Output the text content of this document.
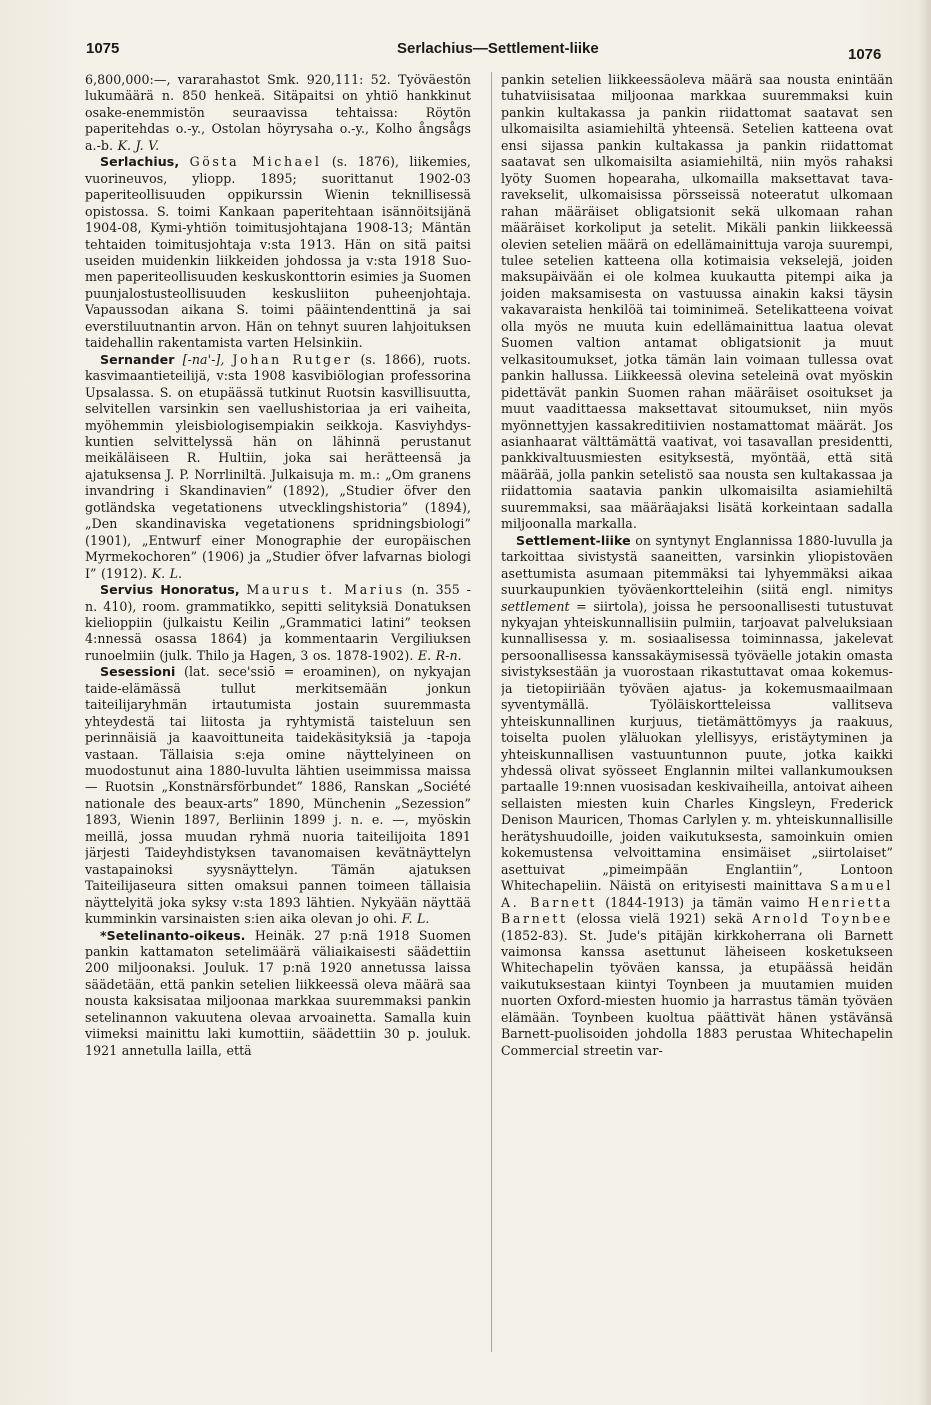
1075	Serlachius—Settlement-liike	1076

6,800,000:—, vararahastot Smk. 920,111: 52. Työväestön lukumäärä n. 850 henkeä. Sitäpaitsi on yhtiö hankkinut osake-enemmistön seuraavissa tehtaissa: Röytön paperitehdas o.-y., Ostolan höyrysaha o.-y., Kolho ångsågs a.-b. K. J. V.

Serlachius, Gösta Michael (s. 1876), liikemies, vuorineuvos, yliopp. 1895; suorittanut 1902-03 paperiteollisuuden oppikurssin Wienin teknillisessä opistossa. S. toimi Kankaan paperitehtaan isännöitsijänä 1904-08, Kymi-yhtiön toimitusjohtajana 1908-13; Mäntän tehtaiden toimitusjohtaja v:sta 1913. Hän on sitä paitsi useiden muidenkin liikkeiden johdossa ja v:sta 1918 Suomen paperiteollisuuden keskuskonttorin esimies ja Suomen puunjalostusteollisuuden keskusliiton puheenjohtaja. Vapaussodan aikana S. toimi pääintendenttinä ja sai everstiluutnantin arvon. Hän on tehnyt suuren lahjoituksen taidehallin rakentamista varten Helsinkiin.

Sernander [-na'-], Johan Rutger (s. 1866), ruots. kasvimaantieteilijä, v:sta 1908 kasvibiölogian professorina Upsalassa. S. on etupäässä tutkinut Ruotsin kasvillisuutta, selvitellen varsinkin sen vaellushistoriaa ja eri vaiheita, myöhemmin yleisbiologisempiakin seikkoja. Kasviyhdyskuntien selvittelyssä hän on lähinnä perustanut meikäläiseen R. Hultiin, joka sai herätteensä ja ajatuksensa J. P. Norrliniltä. Julkaisuja m. m.: „Om granens invandring i Skandinavien” (1892), „Studier öfver den gotländska vegetationens utvecklingshistoria” (1894), „Den skandinaviska vegetationens spridningsbiologi” (1901), „Entwurf einer Monographie der europäischen Myrmekochoren” (1906) ja „Studier öfver lafvarnas biologi I” (1912). K. L.

Servius Honoratus, Maurus t. Marius (n. 355 - n. 410), room. grammatikko, sepitti selityksiä Donatuksen kielioppiin (julkaistu Keilin „Grammatici latini” teoksen 4:nnessä osassa 1864) ja kommentaarin Vergiliuksen runoelmiin (julk. Thilo ja Hagen, 3 os. 1878-1902). E. R-n.

Sesessioni (lat. sece'ssiō = eroaminen), on nykyajan taide-elämässä tullut merkitsemään jonkun taiteilijaryhmän irtautumista jostain suuremmasta yhteydestä tai liitosta ja ryhtymistä taisteluun sen perinnäisiä ja kaavoittuneita taidekäsityksiä ja -tapoja vastaan. Tällaisia s:eja omine näyttelyineen on muodostunut aina 1880-luvulta lähtien useimmissa maissa — Ruotsin „Konstnärsförbundet” 1886, Ranskan „Société nationale des beaux-arts” 1890, Münchenin „Sezession” 1893, Wienin 1897, Berliinin 1899 j. n. e. —, myöskin meillä, jossa muudan ryhmä nuoria taiteilijoita 1891 järjesti Taideyhdistyksen tavanomaisen kevätnäyttelyn vastapainoksi syysnäyttelyn. Tämän ajatuksen Taiteilijaseura sitten omaksui pannen toimeen tällaisia näyttelyitä joka syksy v:sta 1893 lähtien. Nykyään näyttää kumminkin varsinaisten s:ien aika olevan jo ohi. F. L.

*Setelinanto-oikeus. Heinäk. 27 p:nä 1918 Suomen pankin kattamaton setelimäärä väliaikaisesti säädettiin 200 miljoonaksi. Jouluk. 17 p:nä 1920 annetussa laissa säädetään, että pankin setelien liikkeessä oleva määrä saa nousta kaksisataa miljoonaa markkaa suuremmaksi pankin setelinannon vakuutena olevaa arvoainetta. Samalla kuin viimeksi mainittu laki kumottiin, säädettiin 30 p. jouluk. 1921 annetulla lailla, että

pankin setelien liikkeessäoleva määrä saa nousta enintään tuhatviisisataa miljoonaa markkaa suuremmaksi kuin pankin kultakassa ja pankin riidattomat saatavat sen ulkomaisilta asiamiehiltä yhteensä. Setelien katteena ovat ensi sijassa pankin kultakassa ja pankin riidattomat saatavat sen ulkomaisilta asiamiehiltä, niin myös rahaksi lyöty Suomen hopearaha, ulkomailla maksettavat tavaravekselit, ulkomaisissa pörsseissä noteeratut ulkomaan rahan määräiset obligatsionit sekä ulkomaan rahan määräiset korkoliput ja setelit. Mikäli pankin liikkeessä olevien setelien määrä on edellämainittuja varoja suurempi, tulee setelien katteena olla kotimaisia vekselejä, joiden maksupäivään ei ole kolmea kuukautta pitempi aika ja joiden maksamisesta on vastuussa ainakin kaksi täysin vakavaraista henkilöä tai toiminimeä. Setelikatteena voivat olla myös ne muuta kuin edellämainittua laatua olevat Suomen valtion antamat obligatsionit ja muut velkasitoumukset, jotka tämän lain voimaan tullessa ovat pankin hallussa. Liikkeessä olevina seteleinä ovat myöskin pidettävät pankin Suomen rahan määräiset osoitukset ja muut vaadittaessa maksettavat sitoumukset, niin myös myönnettyjen kassakreditiivien nostamattomat määrät. Jos asianhaarat välttämättä vaativat, voi tasavallan presidentti, pankkivaltuusmiesten esityksestä, myöntää, että sitä määrää, jolla pankin setelistö saa nousta sen kultakassaa ja riidattomia saatavia pankin ulkomaisilta asiamiehiltä suuremmaksi, saa määräajaksi lisätä korkeintaan sadalla miljoonalla markalla.

Settlement-liike on syntynyt Englannissa 1880-luvulla ja tarkoittaa sivistystä saaneitten, varsinkin yliopistoväen asettumista asumaan pitemmäksi tai lyhyemmäksi aikaa suurkaupunkien työväenkortteleihin (siitä engl. nimitys settlement = siirtola), joissa he persoonallisesti tutustuvat nykyajan yhteiskunnallisiin pulmiin, tarjoavat palveluksiaan kunnallisessa y. m. sosiaalisessa toiminnassa, jakelevat persoonallisessa kanssakäymisessä työväelle jotakin omasta sivistyksestään ja vuorostaan rikastuttavat omaa kokemus- ja tietopiiriään työväen ajatus- ja kokemusmaailmaan syventymällä. Työläiskortteleissa vallitseva yhteiskunnallinen kurjuus, tietämättömyys ja raakuus, toiselta puolen yläluokan ylellisyys, eristäytyminen ja yhteiskunnallisen vastuuntunnon puute, jotka kaikki yhdessä olivat syösseet Englannin miltei vallankumouksen partaalle 19:nnen vuosisadan keskivaiheilla, antoivat aiheen sellaisten miesten kuin Charles Kingsleyn, Frederick Denison Mauricen, Thomas Carlylen y. m. yhteiskunnallisille herätyshuudoille, joiden vaikutuksesta, samoinkuin omien kokemustensa velvoittamina ensimäiset „siirtolaiset” asettuivat „pimeimpään Englantiin”, Lontoon Whitechapeliin. Näistä on erityisesti mainittava Samuel A. Barnett (1844-1913) ja tämän vaimo Henrietta Barnett (elossa vielä 1921) sekä Arnold Toynbee (1852-83). St. Jude's pitäjän kirkkoherrana oli Barnett vaimonsa kanssa asettunut läheiseen kosketukseen Whitechapelin työväen kanssa, ja etupäässä heidän vaikutuksestaan kiintyi Toynbeen ja muutamien muiden nuorten Oxford-miesten huomio ja harrastus tämän työväen elämään. Toynbeen kuoltua päättivät hänen ystävänsä Barnett-puolisoiden johdolla 1883 perustaa Whitechapelin Commercial streetin var-
